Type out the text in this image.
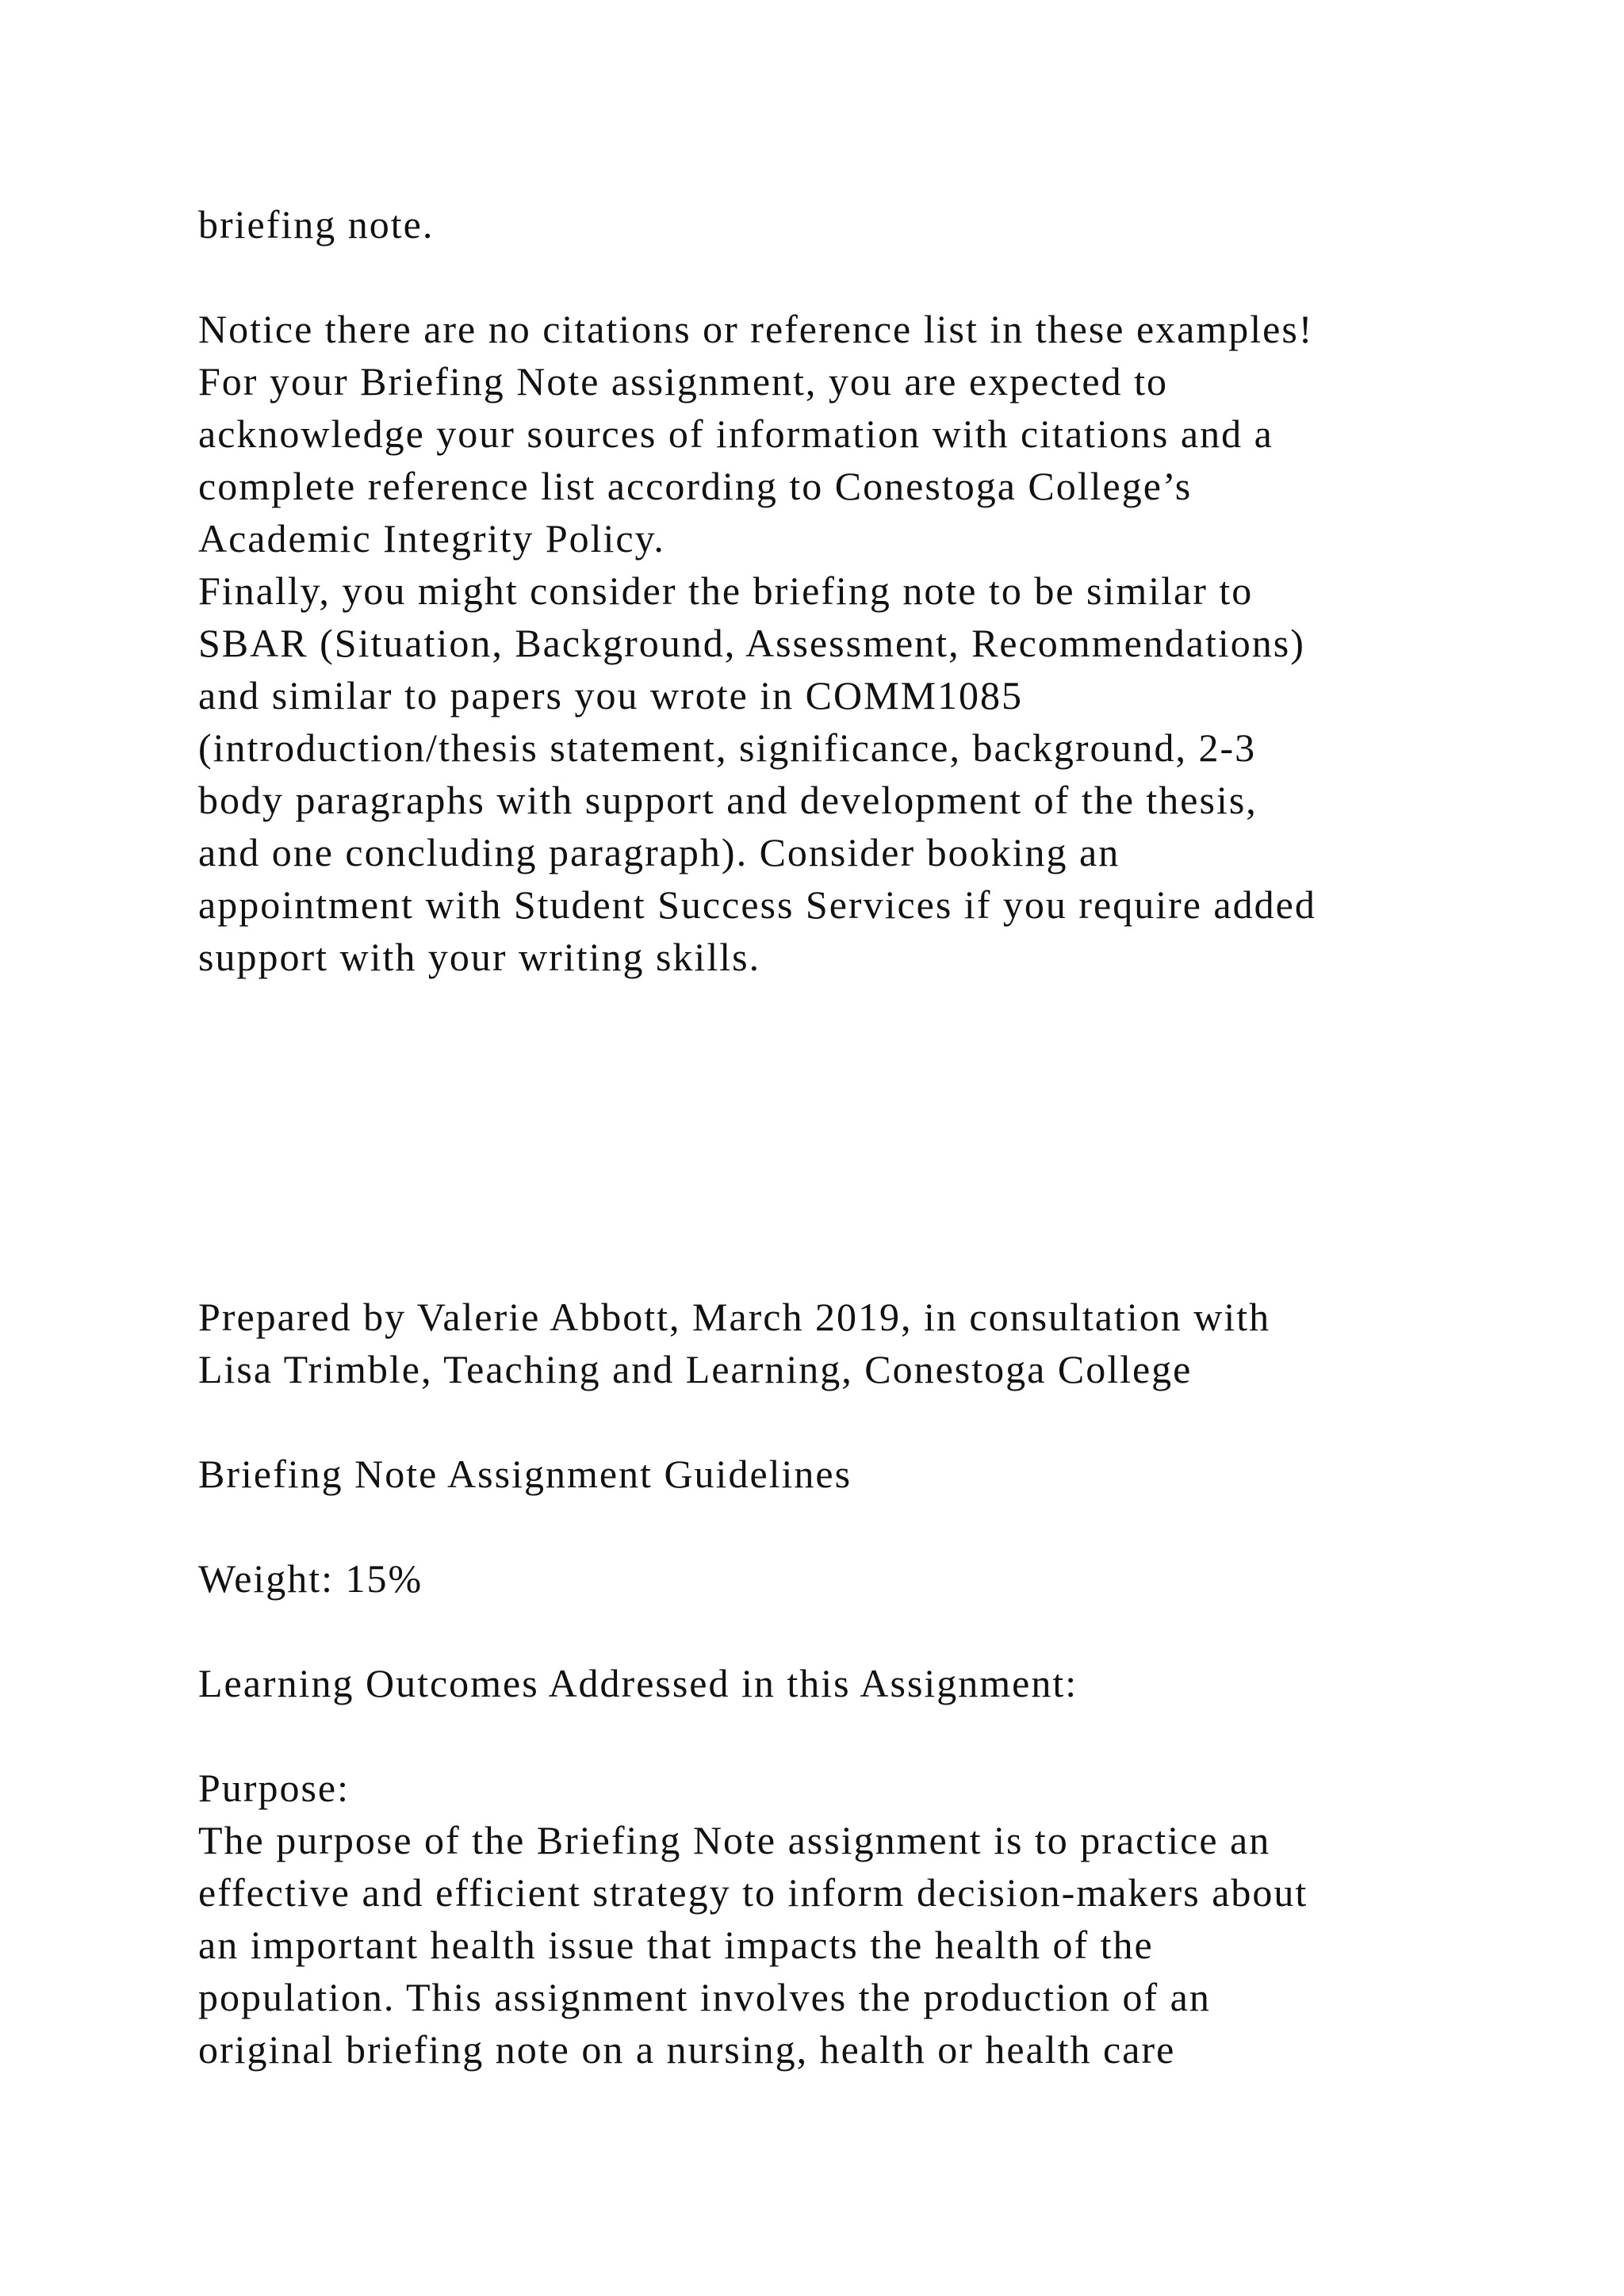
briefing note.
Notice there are no citations or reference list in these examples!
For your Briefing Note assignment, you are expected to
acknowledge your sources of information with citations and a
complete reference list according to Conestoga College’s
Academic Integrity Policy.
Finally, you might consider the briefing note to be similar to
SBAR (Situation, Background, Assessment, Recommendations)
and similar to papers you wrote in COMM1085
(introduction/thesis statement, significance, background, 2-3
body paragraphs with support and development of the thesis,
and one concluding paragraph). Consider booking an
appointment with Student Success Services if you require added
support with your writing skills.
Prepared by Valerie Abbott, March 2019, in consultation with
Lisa Trimble, Teaching and Learning, Conestoga College
Briefing Note Assignment Guidelines
Weight: 15%
Learning Outcomes Addressed in this Assignment:
Purpose:
The purpose of the Briefing Note assignment is to practice an
effective and efficient strategy to inform decision-makers about
an important health issue that impacts the health of the
population. This assignment involves the production of an
original briefing note on a nursing, health or health care
